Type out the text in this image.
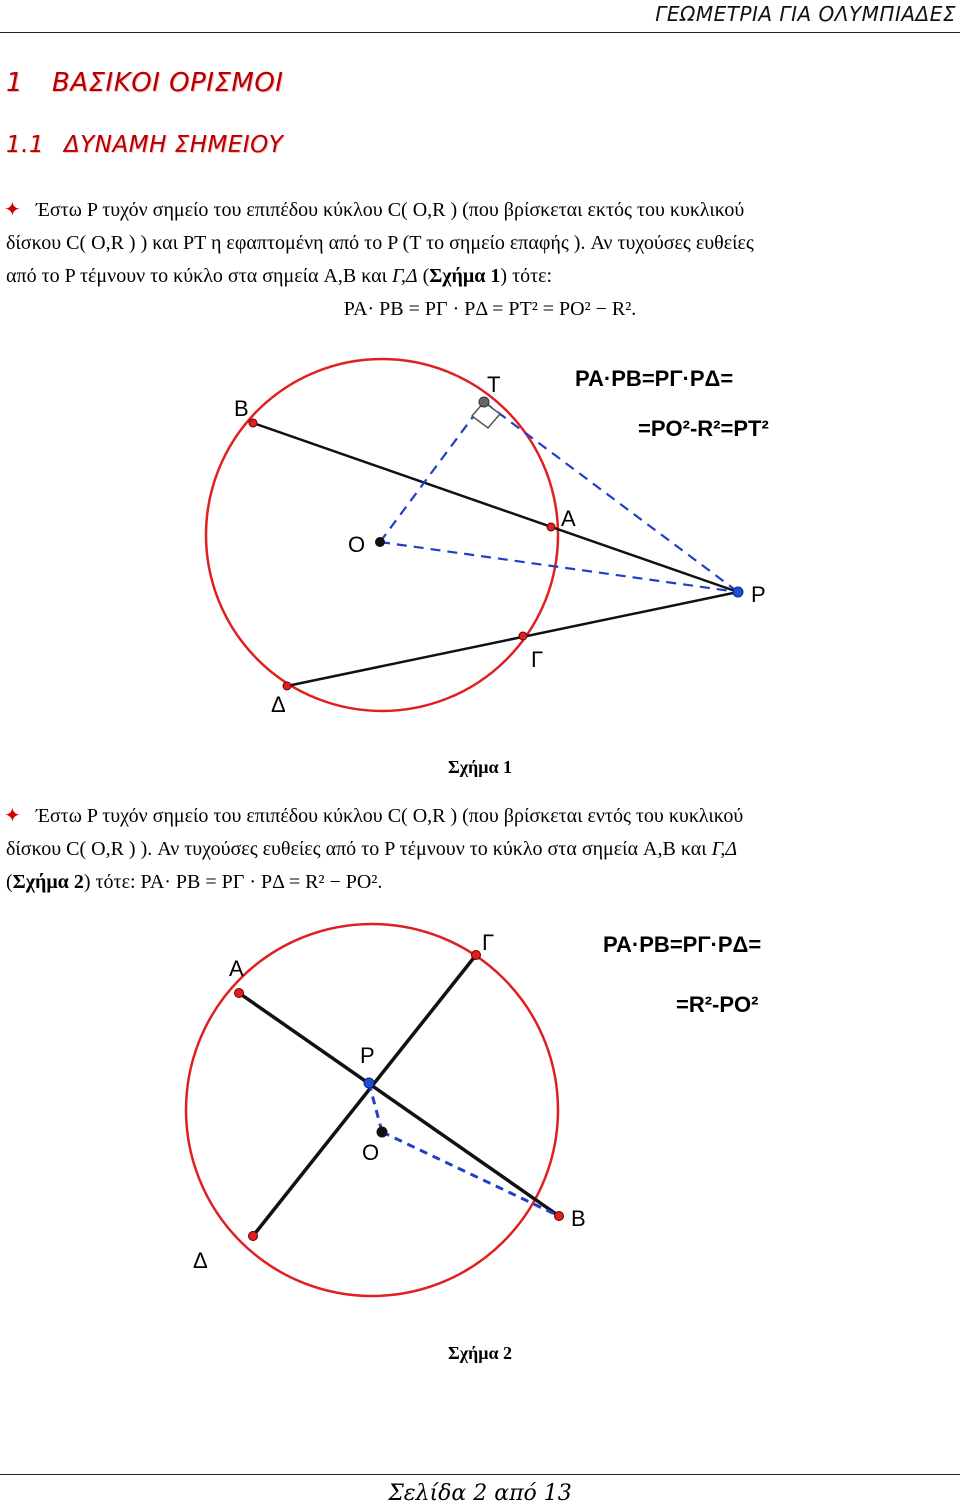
ΓΕΩΜΕΤΡΙΑ ΓΙΑ ΟΛΥΜΠΙΑΔΕΣ
1 ΒΑΣΙΚΟΙ ΟΡΙΣΜΟΙ
1.1 ΔΥΝΑΜΗ ΣΗΜΕΙΟΥ
✦ Έστω P τυχόν σημείο του επιπέδου κύκλου C( O,R ) (που βρίσκεται εκτός του κυκλικού
δίσκου C( O,R ) ) και PT η εφαπτομένη από το P (T το σημείο επαφής ). Αν τυχούσες ευθείες
από το P τέμνουν το κύκλο στα σημεία A,B και Γ,Δ (Σχήμα 1) τότε:
PA· PB = PΓ · PΔ = PT² = PO² − R².
B
T
A
O
P
Γ
Δ
PA·PB=PΓ·PΔ=
=PO²-R²=PT²
Σχήμα 1
✦ Έστω P τυχόν σημείο του επιπέδου κύκλου C( O,R ) (που βρίσκεται εντός του κυκλικού
δίσκου C( O,R ) ). Αν τυχούσες ευθείες από το P τέμνουν το κύκλο στα σημεία A,B και Γ,Δ
(Σχήμα 2) τότε: PA· PB = PΓ · PΔ = R² − PO².
A
Γ
P
O
B
Δ
PA·PB=PΓ·PΔ=
=R²-PO²
Σχήμα 2
Σελίδα 2 από 13
